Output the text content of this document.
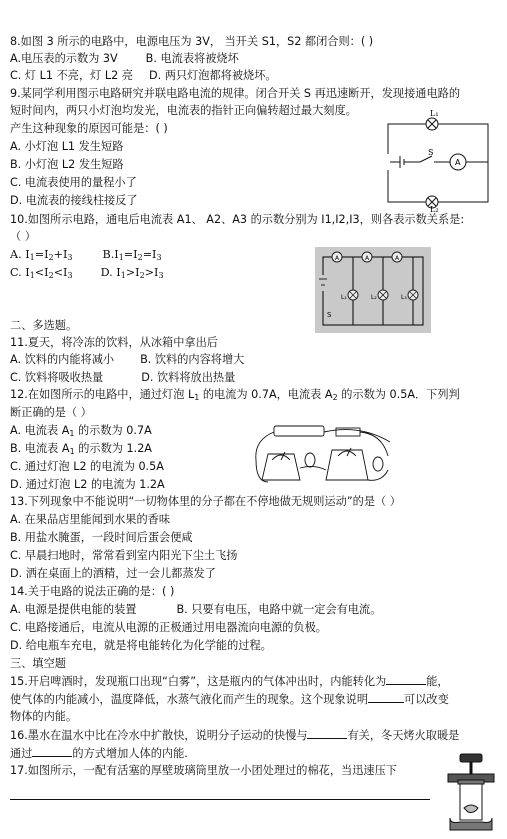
8.如图 3 所示的电路中，电源电压为 3V， 当开关 S1，S2 都闭合则：( )
A.电压表的示数为 3V	B. 电流表将被烧坏
C. 灯 L1 不亮，灯 L2 亮 D. 两只灯泡都将被烧坏。
9.某同学利用图示电路研究并联电路电流的规律。闭合开关 S 再迅速断开，发现接通电路的
短时间内，两只小灯泡均发光，电流表的指针正向偏转超过最大刻度。
产生这种现象的原因可能是：( )
A. 小灯泡 L1 发生短路
B. 小灯泡 L2 发生短路
C. 电流表使用的量程小了
D. 电流表的接线柱接反了
L₁
S
A
L₂
10.如图所示电路，通电后电流表 A1、 A2、A3 的示数分别为 I1,I2,I3，则各表示数关系是:
（ ）
A. $I_1=I_2+I_3$	$B.I_1=I_2=I_3$
C. $I_1<I_2<I_3$	D. $I_1>I_2>I_3$
A	A	A
L₁	L₂	L₃
S
二、多选题。
11.夏天，将冷冻的饮料，从冰箱中拿出后
A. 饮料的内能将减小 B. 饮料的内容将增大
C. 饮料将吸收热量	D. 饮料将放出热量
12.在如图所示的电路中，通过灯泡 $L_1$ 的电流为 0.7A，电流表 $A_2$ 的示数为 0.5A．下列判
断正确的是（ ）
A. 电流表 $A_1$ 的示数为 0.7A
B. 电流表 $A_1$ 的示数为 1.2A
C. 通过灯泡 L2 的电流为 0.5A
D. 通过灯泡 L2 的电流为 1.2A
13.下列现象中不能说明“一切物体里的分子都在不停地做无规则运动”的是（ ）
A. 在果品店里能闻到水果的香味
B. 用盐水腌蛋，一段时间后蛋会便咸
C. 早晨扫地时，常常看到室内阳光下尘土飞扬
D. 洒在桌面上的酒精，过一会儿都蒸发了
14.关于电路的说法正确的是：( )
A. 电源是提供电能的装置	B. 只要有电压，电路中就一定会有电流。
C. 电路接通后，电流从电源的正极通过用电器流向电源的负极。
D. 给电瓶车充电，就是将电能转化为化学能的过程。
三、填空题
15.开启啤酒时，发现瓶口出现“白雾”，这是瓶内的气体冲出时，内能转化为	能，
使气体的内能减小，温度降低，水蒸气液化而产生的现象。这个现象说明	可以改变
物体的内能。
16.墨水在温水中比在冷水中扩散快，说明分子运动的快慢与	有关，冬天烤火取暖是
通过	的方式增加人体的内能.
17.如图所示，一配有活塞的厚壁玻璃筒里放一小团处理过的棉花，当迅速压下
